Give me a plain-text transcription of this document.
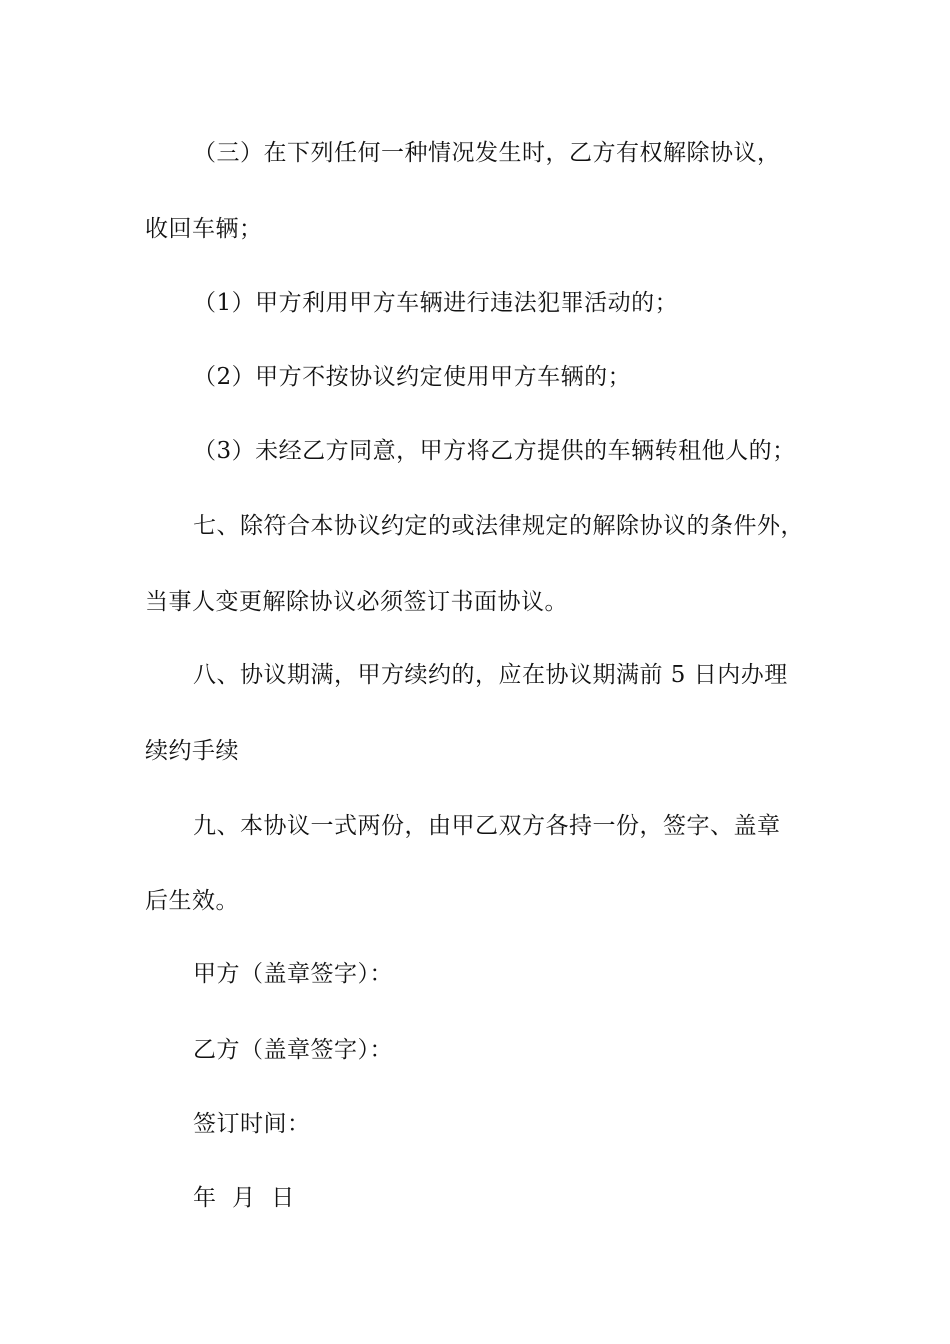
（三）在下列任何一种情况发生时，乙方有权解除协议，
收回车辆；
（1）甲方利用甲方车辆进行违法犯罪活动的；
（2）甲方不按协议约定使用甲方车辆的；
（3）未经乙方同意，甲方将乙方提供的车辆转租他人的；
七、除符合本协议约定的或法律规定的解除协议的条件外，
当事人变更解除协议必须签订书面协议。
八、协议期满，甲方续约的，应在协议期满前 5 日内办理
续约手续
九、本协议一式两份，由甲乙双方各持一份，签字、盖章
后生效。
甲方（盖章签字）：
乙方（盖章签字）：
签订时间：
年  月  日
